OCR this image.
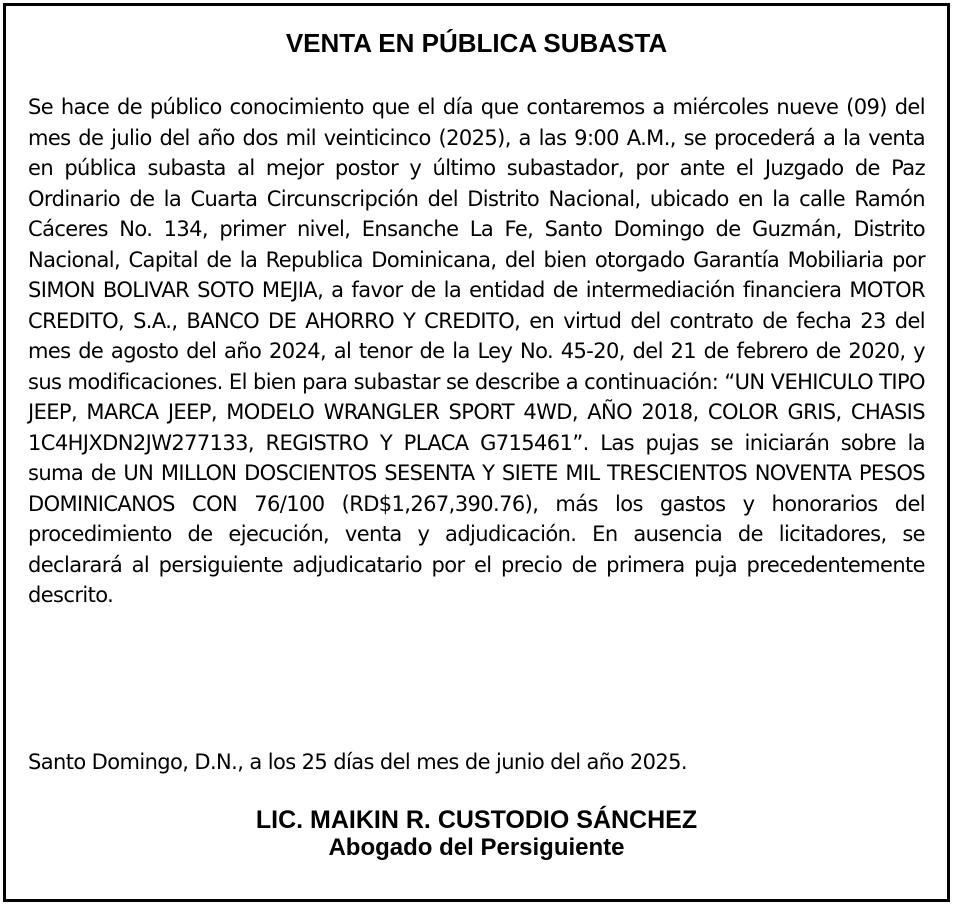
VENTA EN PÚBLICA SUBASTA

Se hace de público conocimiento que el día que contaremos a miércoles nueve (09) del mes de julio del año dos mil veinticinco (2025), a las 9:00 A.M., se procederá a la venta en pública subasta al mejor postor y último subastador, por ante el Juzgado de Paz Ordinario de la Cuarta Circunscripción del Distrito Nacional, ubicado en la calle Ramón Cáceres No. 134, primer nivel, Ensanche La Fe, Santo Domingo de Guzmán, Distrito Nacional, Capital de la Republica Dominicana, del bien otorgado Garantía Mobiliaria por SIMON BOLIVAR SOTO MEJIA, a favor de la entidad de intermediación financiera MOTOR CREDITO, S.A., BANCO DE AHORRO Y CREDITO, en virtud del contrato de fecha 23 del mes de agosto del año 2024, al tenor de la Ley No. 45-20, del 21 de febrero de 2020, y sus modificaciones. El bien para subastar se describe a continuación: “UN VEHICULO TIPO JEEP, MARCA JEEP, MODELO WRANGLER SPORT 4WD, AÑO 2018, COLOR GRIS, CHASIS 1C4HJXDN2JW277133, REGISTRO Y PLACA G715461”. Las pujas se iniciarán sobre la suma de UN MILLON DOSCIENTOS SESENTA Y SIETE MIL TRESCIENTOS NOVENTA PESOS DOMINICANOS CON 76/100 (RD$1,267,390.76), más los gastos y honorarios del procedimiento de ejecución, venta y adjudicación. En ausencia de licitadores, se declarará al persiguiente adjudicatario por el precio de primera puja precedentemente descrito.

Santo Domingo, D.N., a los 25 días del mes de junio del año 2025.

LIC. MAIKIN R. CUSTODIO SÁNCHEZ
Abogado del Persiguiente
